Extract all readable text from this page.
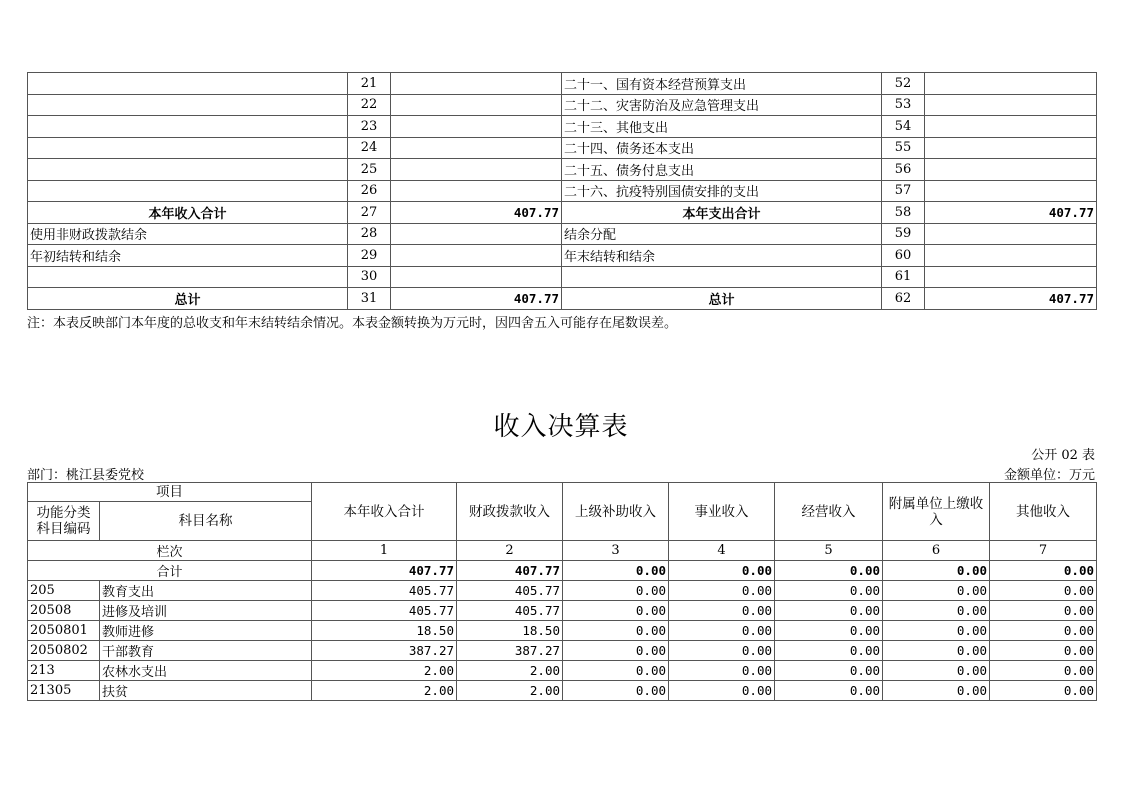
	21		二十一、国有资本经营预算支出	52	
	22		二十二、灾害防治及应急管理支出	53	
	23		二十三、其他支出	54	
	24		二十四、债务还本支出	55	
	25		二十五、债务付息支出	56	
	26		二十六、抗疫特别国债安排的支出	57	
本年收入合计	27	407.77	本年支出合计	58	407.77
使用非财政拨款结余	28		结余分配	59	
年初结转和结余	29		年末结转和结余	60	
	30			61	
总计	31	407.77	总计	62	407.77
注：本表反映部门本年度的总收支和年末结转结余情况。本表金额转换为万元时，因四舍五入可能存在尾数误差。
收入决算表
公开 02 表
部门：桃江县委党校	金额单位：万元
项目		本年收入合计	财政拨款收入	上级补助收入	事业收入	经营收入	附属单位上缴收入	其他收入
功能分类科目编码	科目名称							
栏次		1	2	3	4	5	6	7
合计		407.77	407.77	0.00	0.00	0.00	0.00	0.00
205	教育支出	405.77	405.77	0.00	0.00	0.00	0.00	0.00
20508	进修及培训	405.77	405.77	0.00	0.00	0.00	0.00	0.00
2050801	教师进修	18.50	18.50	0.00	0.00	0.00	0.00	0.00
2050802	干部教育	387.27	387.27	0.00	0.00	0.00	0.00	0.00
213	农林水支出	2.00	2.00	0.00	0.00	0.00	0.00	0.00
21305	扶贫	2.00	2.00	0.00	0.00	0.00	0.00	0.00
